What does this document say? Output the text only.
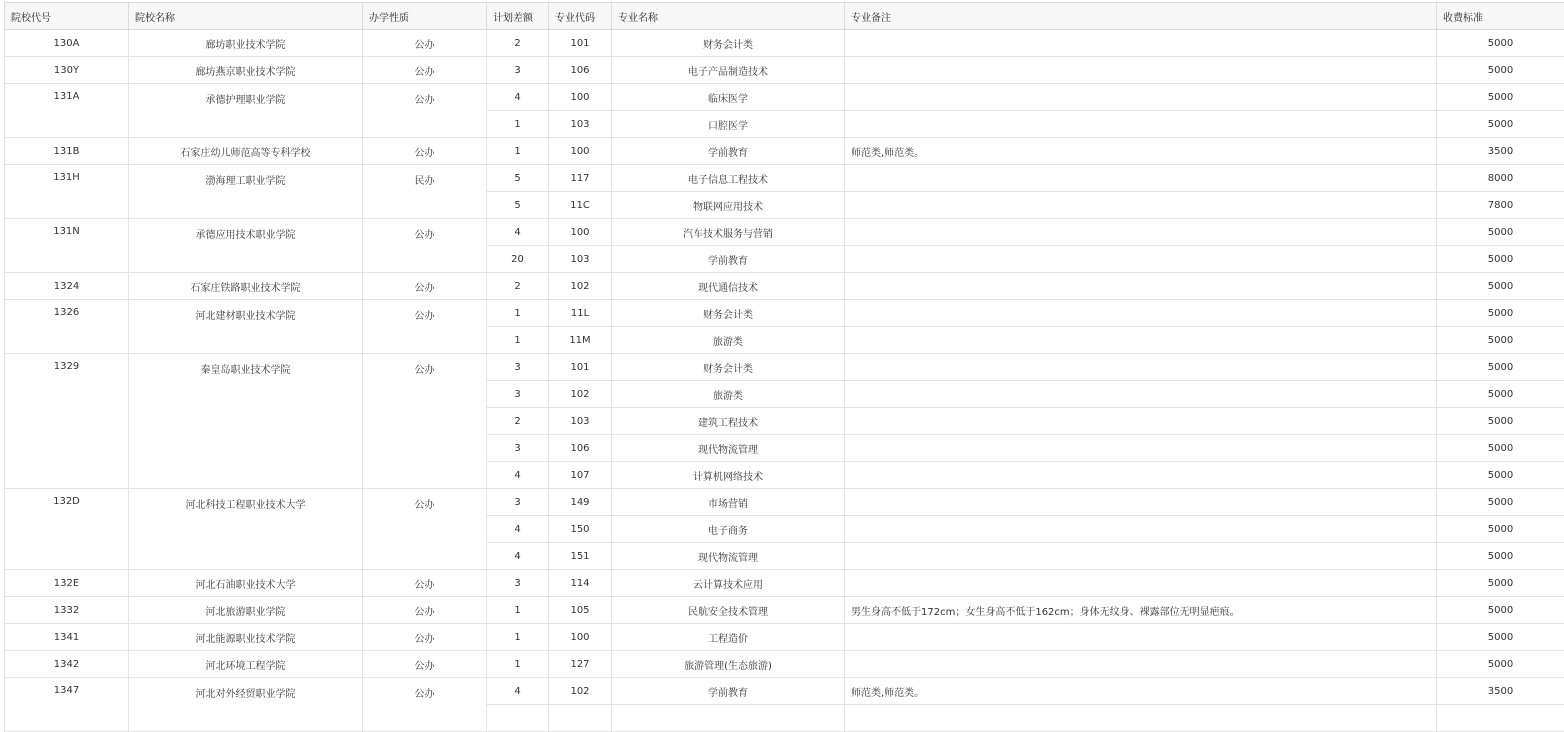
院校代号	院校名称	办学性质	计划差额	专业代码	专业名称	专业备注	收费标准
130A	廊坊职业技术学院	公办	2	101	财务会计类		5000
130Y	廊坊燕京职业技术学院	公办	3	106	电子产品制造技术		5000
131A	承德护理职业学院	公办	4	100	临床医学		5000
			1	103	口腔医学		5000
131B	石家庄幼儿师范高等专科学校	公办	1	100	学前教育	师范类,师范类。	3500
131H	渤海理工职业学院	民办	5	117	电子信息工程技术		8000
			5	11C	物联网应用技术		7800
131N	承德应用技术职业学院	公办	4	100	汽车技术服务与营销		5000
			20	103	学前教育		5000
1324	石家庄铁路职业技术学院	公办	2	102	现代通信技术		5000
1326	河北建材职业技术学院	公办	1	11L	财务会计类		5000
			1	11M	旅游类		5000
1329	秦皇岛职业技术学院	公办	3	101	财务会计类		5000
			3	102	旅游类		5000
			2	103	建筑工程技术		5000
			3	106	现代物流管理		5000
			4	107	计算机网络技术		5000
132D	河北科技工程职业技术大学	公办	3	149	市场营销		5000
			4	150	电子商务		5000
			4	151	现代物流管理		5000
132E	河北石油职业技术大学	公办	3	114	云计算技术应用		5000
1332	河北旅游职业学院	公办	1	105	民航安全技术管理	男生身高不低于172cm；女生身高不低于162cm；身体无纹身、裸露部位无明显疤痕。	5000
1341	河北能源职业技术学院	公办	1	100	工程造价		5000
1342	河北环境工程学院	公办	1	127	旅游管理(生态旅游)		5000
1347	河北对外经贸职业学院	公办	4	102	学前教育	师范类,师范类。	3500
